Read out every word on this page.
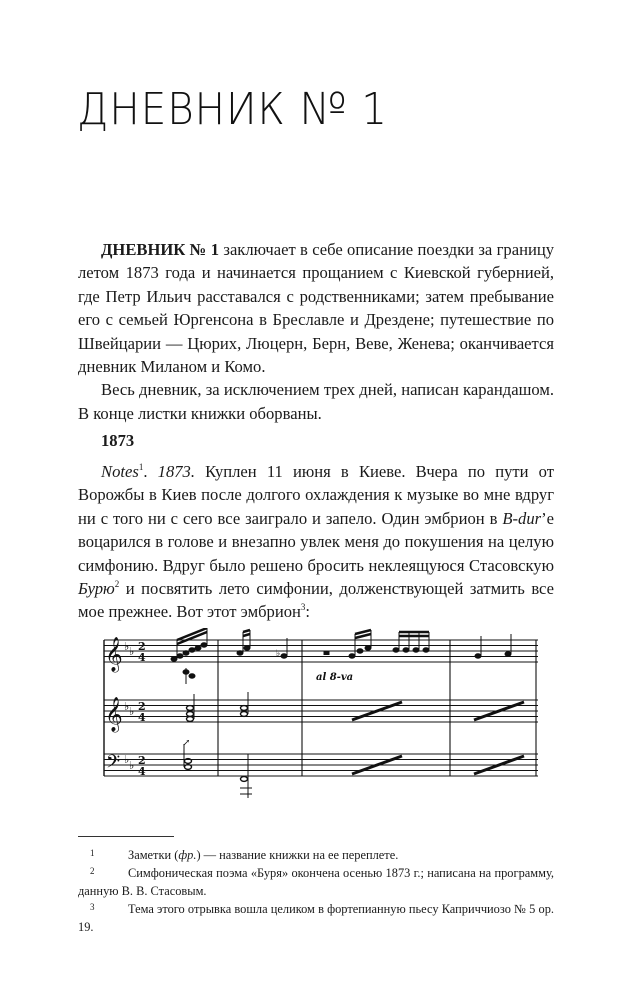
ДНЕВНИК № 1

ДНЕВНИК № 1 заключает в себе описание поездки за границу летом 1873 года и начинается прощанием с Киевской губернией, где Петр Ильич расставался с родственниками; затем пребывание его с семьей Юргенсона в Бреславле и Дрездене; путешествие по Швейцарии — Цюрих, Люцерн, Берн, Веве, Женева; оканчивается дневник Миланом и Комо.

Весь дневник, за исключением трех дней, написан карандашом. В конце листки книжки оборваны.

1873

Notes$^1$. 1873. Куплен 11 июня в Киеве. Вчера по пути от Ворожбы в Киев после долгого охлаждения к музыке во мне вдруг ни с того ни с сего все заиграло и запело. Один эмбрион в B-dur’е воцарился в голове и внезапно увлек меня до покушения на целую симфонию. Вдруг было решено бросить неклеящуюся Стасовскую Бурю$^2$ и посвятить лето симфонии, долженствующей затмить все мое прежнее. Вот этот эмбрион$^3$:

𝄞
𝄞
𝄢
♭ ♭
♭ ♭
♭ ♭
2
4
2
4
2
4
al 8-va
↗
♭

1	Заметки (фр.) — название книжки на ее переплете.

2	Симфоническая поэма «Буря» окончена осенью 1873 г.; написана на программу, данную В. В. Стасовым.

3	Тема этого отрывка вошла целиком в фортепианную пьесу Каприччиозо № 5 ор. 19.
